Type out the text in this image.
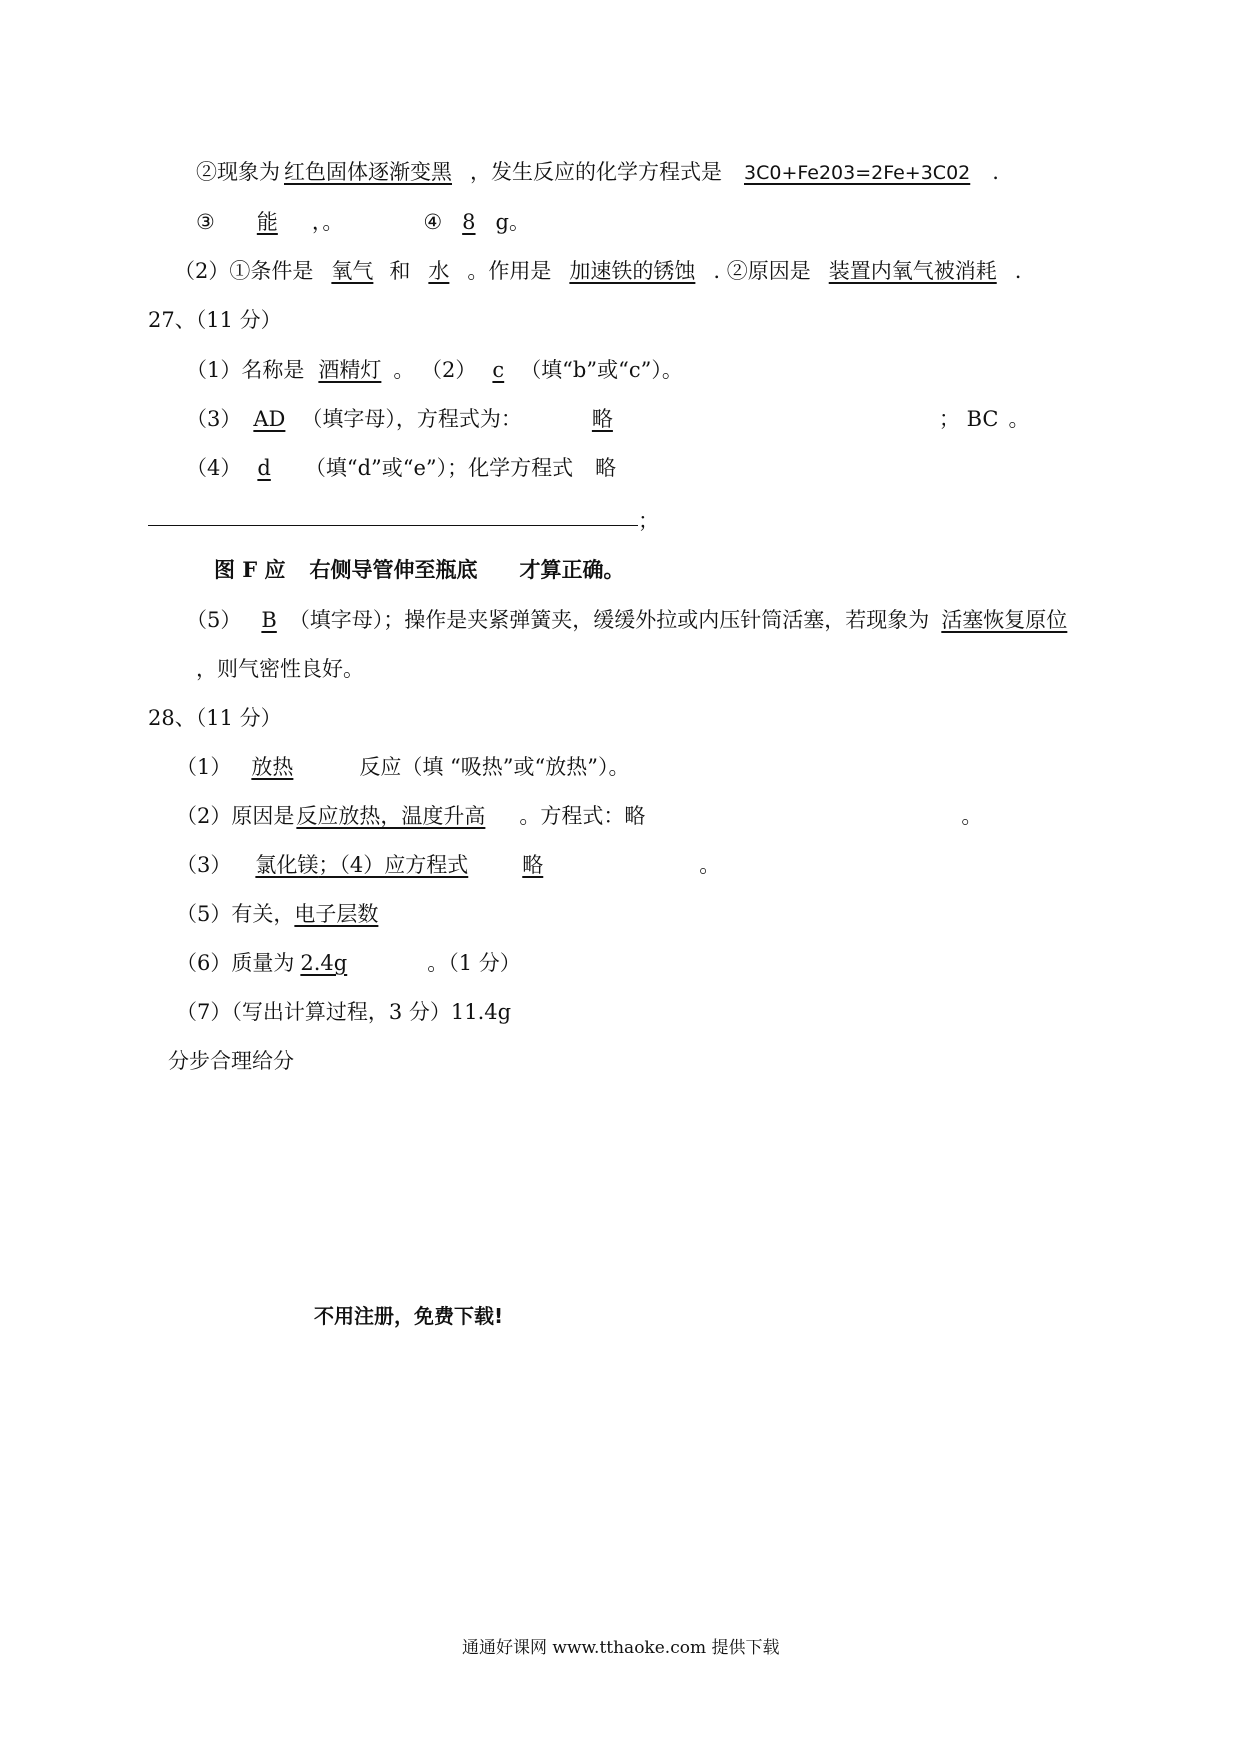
②现象为 红色固体逐渐变黑 ，发生反应的化学方程式是 3C0+Fe203=2Fe+3C02 .
③ 能 ，。	④ 8 g。
（2）①条件是 氧气 和 水 。作用是 加速铁的锈蚀 . ②原因是 装置内氧气被消耗 .
27、（11 分）
（1）名称是 酒精灯 。 （2） c （填“b”或“c”）。
（3） AD （填字母），方程式为：	略	； BC 。
（4） d （填“d”或“e”）；化学方程式 略
；
图 F 应 右侧导管伸至瓶底 才算正确。
（5） B （填字母）；操作是夹紧弹簧夹，缓缓外拉或内压针筒活塞，若现象为 活塞恢复原位
，则气密性良好。
28、（11 分）
（1） 放热	反应（填 “吸热”或“放热”）。
（2）原因是反应放热，温度升高 。方程式：略	。
（3） 氯化镁；（4）应方程式	略	。
（5）有关，电子层数
（6）质量为 2.4g	。（1 分）
（7）（写出计算过程，3 分）11.4g
分步合理给分
不用注册，免费下载!
通通好课网 www.tthaoke.com 提供下载
